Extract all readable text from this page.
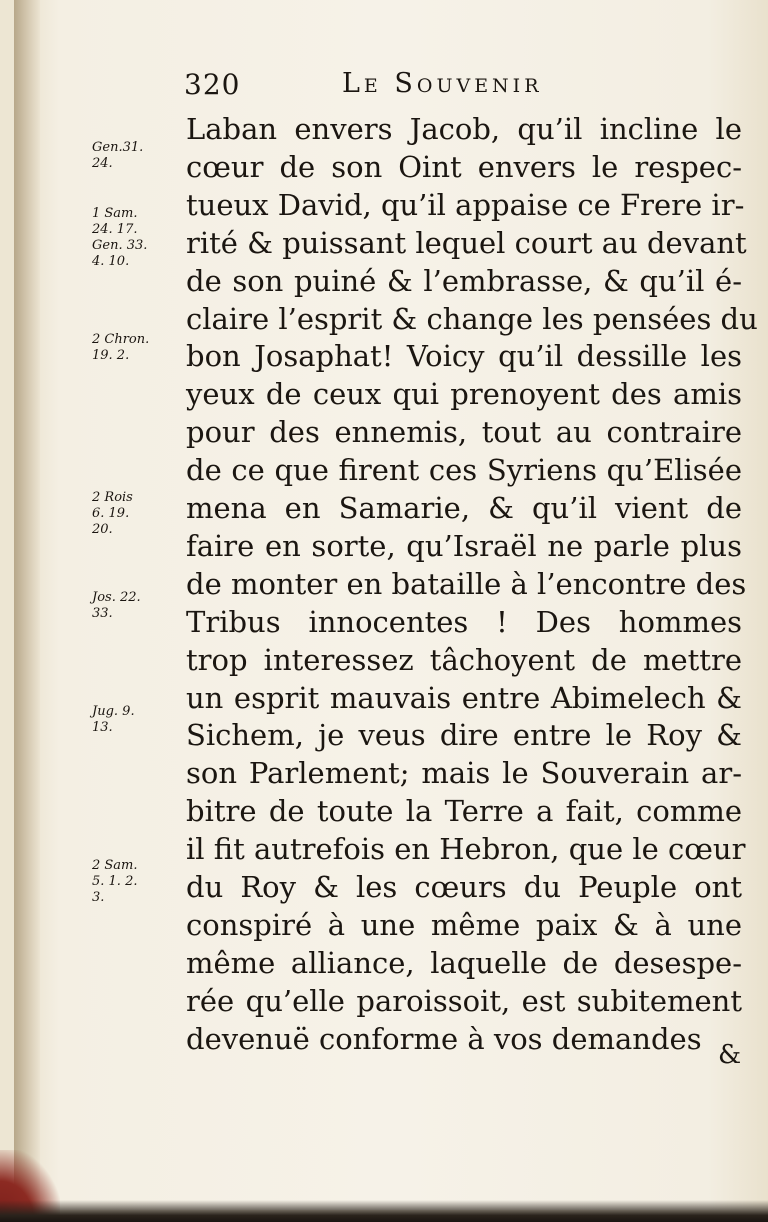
320	Le Souvenir
Gen.31.
24.
1 Sam.
24. 17.
Gen. 33.
4. 10.
2 Chron.
19. 2.
2 Rois
6. 19.
20.
Jos. 22.
33.
Jug. 9.
13.
2 Sam.
5. 1. 2.
3.
Laban envers Jacob, qu’il incline le
cœur de son Oint envers le respec-
tueux David, qu’il appaise ce Frere ir-
rité & puissant lequel court au devant
de son puiné & l’embrasse, & qu’il é-
claire l’esprit & change les pensées du
bon Josaphat! Voicy qu’il dessille les
yeux de ceux qui prenoyent des amis
pour des ennemis, tout au contraire
de ce que firent ces Syriens qu’Elisée
mena en Samarie, & qu’il vient de
faire en sorte, qu’Israël ne parle plus
de monter en bataille à l’encontre des
Tribus innocentes ! Des hommes
trop interessez tâchoyent de mettre
un esprit mauvais entre Abimelech &
Sichem, je veus dire entre le Roy &
son Parlement; mais le Souverain ar-
bitre de toute la Terre a fait, comme
il fit autrefois en Hebron, que le cœur
du Roy & les cœurs du Peuple ont
conspiré à une même paix & à une
même alliance, laquelle de desespe-
rée qu’elle paroissoit, est subitement
devenuë conforme à vos demandes &
